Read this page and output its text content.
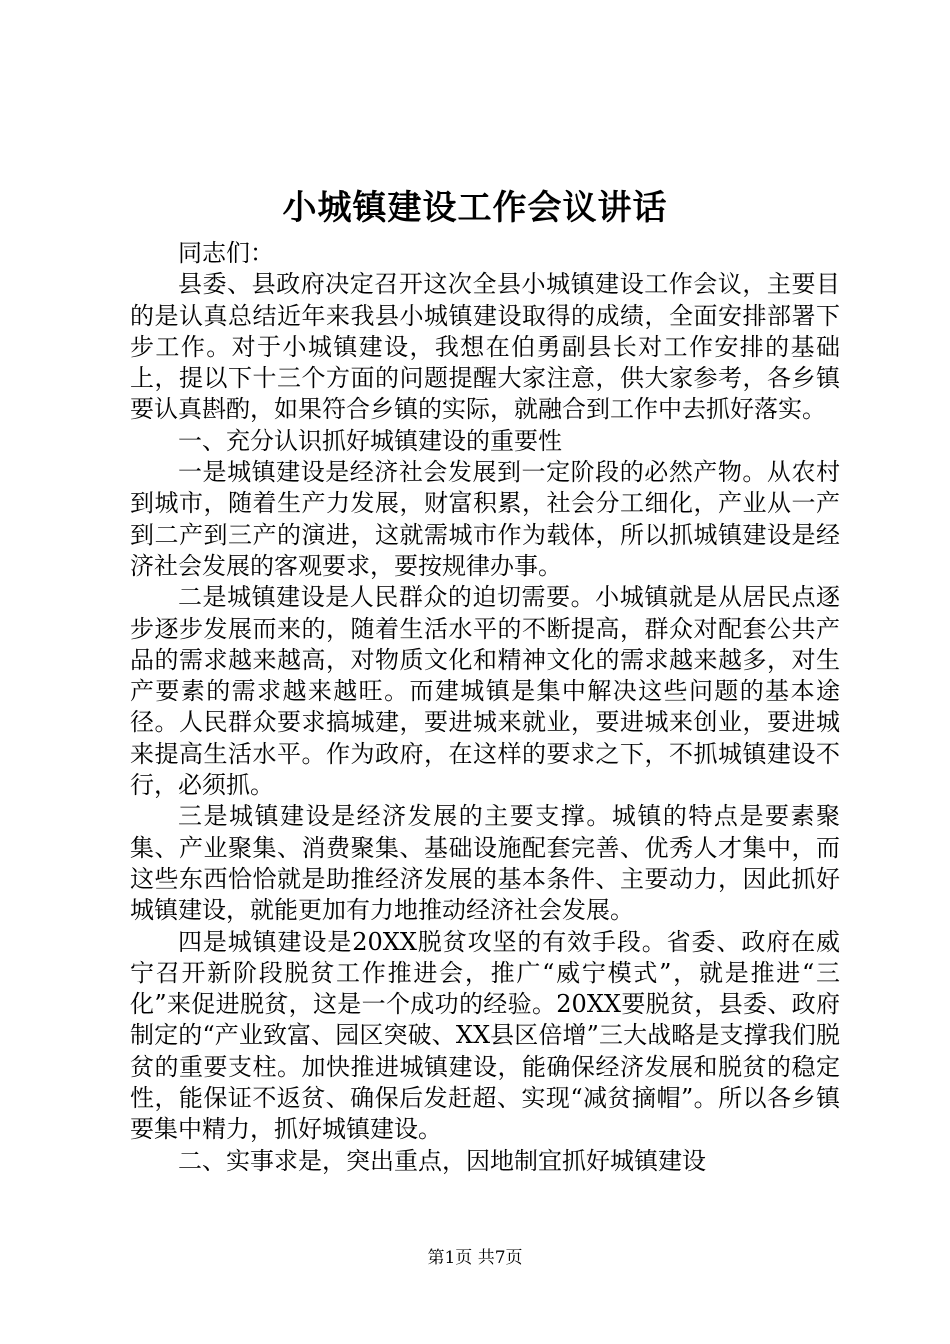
小城镇建设工作会议讲话

同志们：

县委、县政府决定召开这次全县小城镇建设工作会议，主要目的是认真总结近年来我县小城镇建设取得的成绩，全面安排部署下步工作。对于小城镇建设，我想在伯勇副县长对工作安排的基础上，提以下十三个方面的问题提醒大家注意，供大家参考，各乡镇要认真斟酌，如果符合乡镇的实际，就融合到工作中去抓好落实。

一、充分认识抓好城镇建设的重要性

一是城镇建设是经济社会发展到一定阶段的必然产物。从农村到城市，随着生产力发展，财富积累，社会分工细化，产业从一产到二产到三产的演进，这就需城市作为载体，所以抓城镇建设是经济社会发展的客观要求，要按规律办事。

二是城镇建设是人民群众的迫切需要。小城镇就是从居民点逐步逐步发展而来的，随着生活水平的不断提高，群众对配套公共产品的需求越来越高，对物质文化和精神文化的需求越来越多，对生产要素的需求越来越旺。而建城镇是集中解决这些问题的基本途径。人民群众要求搞城建，要进城来就业，要进城来创业，要进城来提高生活水平。作为政府，在这样的要求之下，不抓城镇建设不行，必须抓。

三是城镇建设是经济发展的主要支撑。城镇的特点是要素聚集、产业聚集、消费聚集、基础设施配套完善、优秀人才集中，而这些东西恰恰就是助推经济发展的基本条件、主要动力，因此抓好城镇建设，就能更加有力地推动经济社会发展。

四是城镇建设是20XX脱贫攻坚的有效手段。省委、政府在威宁召开新阶段脱贫工作推进会，推广“威宁模式”，就是推进“三化”来促进脱贫，这是一个成功的经验。20XX要脱贫，县委、政府制定的“产业致富、园区突破、XX县区倍增”三大战略是支撑我们脱贫的重要支柱。加快推进城镇建设，能确保经济发展和脱贫的稳定性，能保证不返贫、确保后发赶超、实现“减贫摘帽”。所以各乡镇要集中精力，抓好城镇建设。

二、实事求是，突出重点，因地制宜抓好城镇建设

第1页 共7页
